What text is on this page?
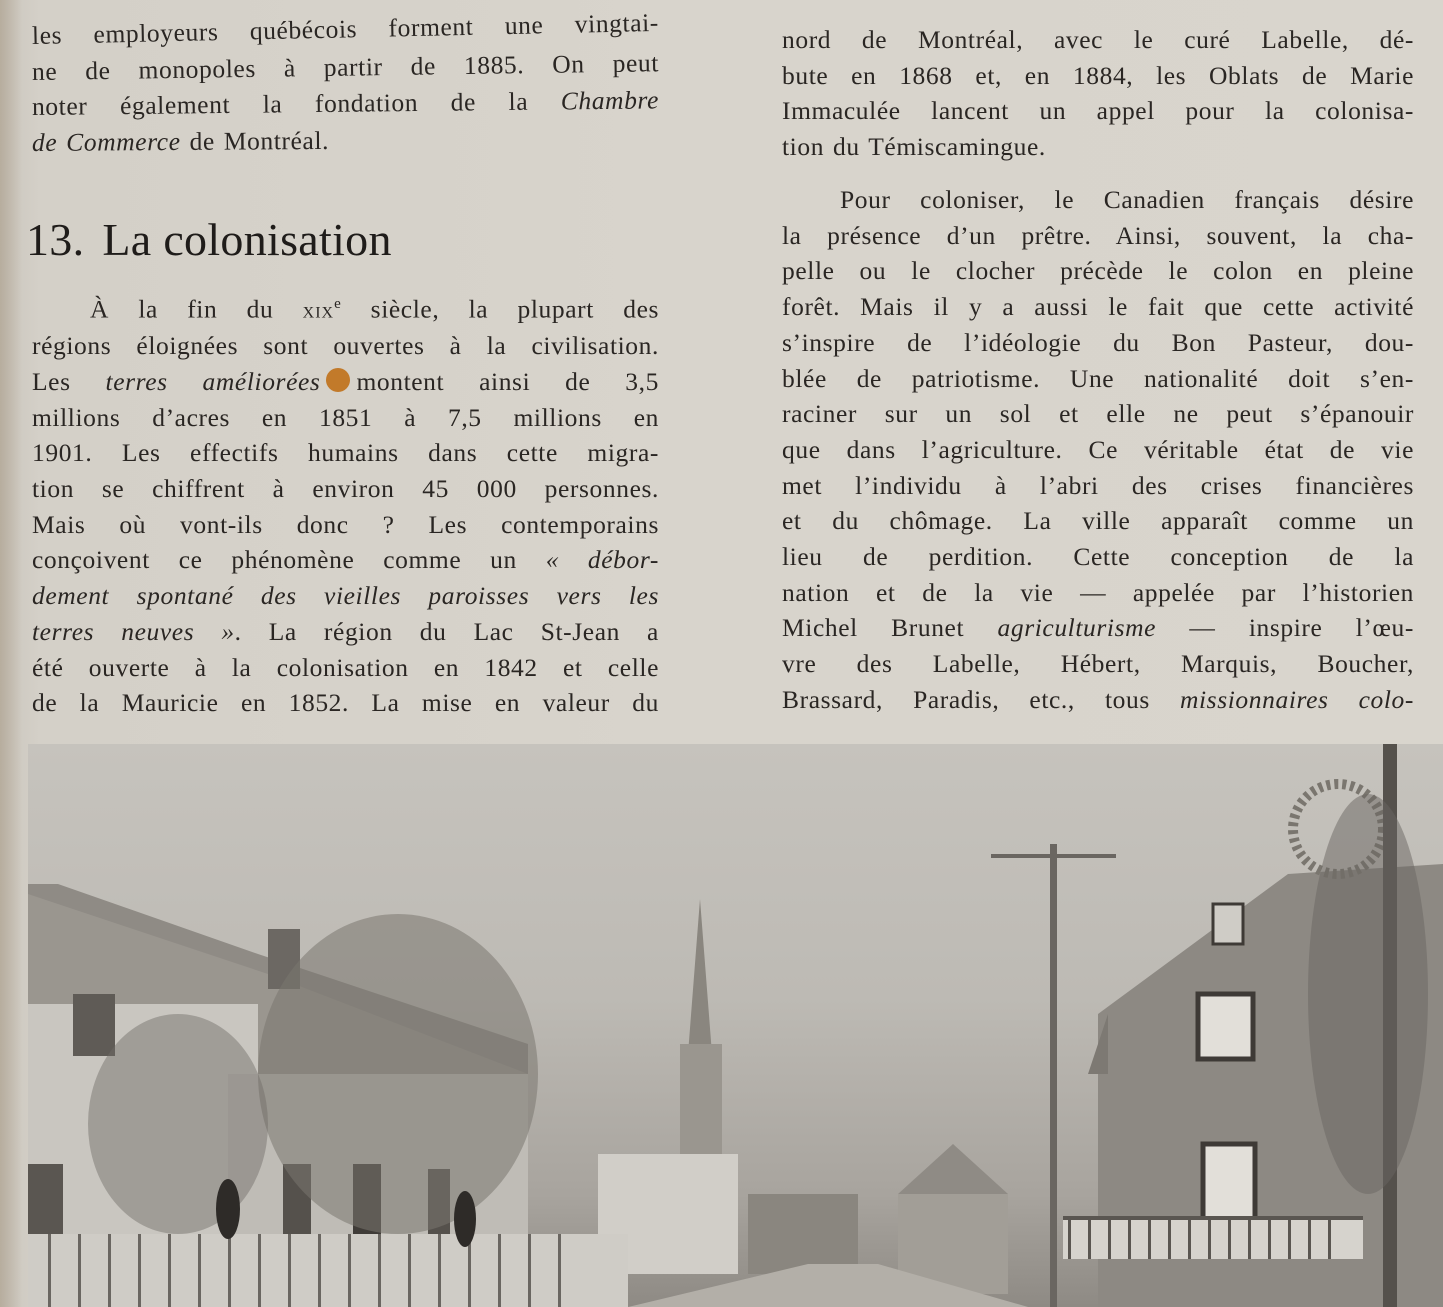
les employeurs québécois forment une vingtai-
ne de monopoles à partir de 1885. On peut
noter également la fondation de la Chambre
de Commerce de Montréal.
13. La colonisation
À la fin du xix$^e$ siècle, la plupart des
régions éloignées sont ouvertes à la civilisation.
Les terres améliorées montent ainsi de 3,5
millions d’acres en 1851 à 7,5 millions en
1901. Les effectifs humains dans cette migra-
tion se chiffrent à environ 45 000 personnes.
Mais où vont-ils donc ? Les contemporains
conçoivent ce phénomène comme un « débor-
dement spontané des vieilles paroisses vers les
terres neuves ». La région du Lac St-Jean a
été ouverte à la colonisation en 1842 et celle
de la Mauricie en 1852. La mise en valeur du
nord de Montréal, avec le curé Labelle, dé-
bute en 1868 et, en 1884, les Oblats de Marie
Immaculée lancent un appel pour la colonisa-
tion du Témiscamingue.
Pour coloniser, le Canadien français désire
la présence d’un prêtre. Ainsi, souvent, la cha-
pelle ou le clocher précède le colon en pleine
forêt. Mais il y a aussi le fait que cette activité
s’inspire de l’idéologie du Bon Pasteur, dou-
blée de patriotisme. Une nationalité doit s’en-
raciner sur un sol et elle ne peut s’épanouir
que dans l’agriculture. Ce véritable état de vie
met l’individu à l’abri des crises financières
et du chômage. La ville apparaît comme un
lieu de perdition. Cette conception de la
nation et de la vie — appelée par l’historien
Michel Brunet agriculturisme — inspire l’œu-
vre des Labelle, Hébert, Marquis, Boucher,
Brassard, Paradis, etc., tous missionnaires colo-
